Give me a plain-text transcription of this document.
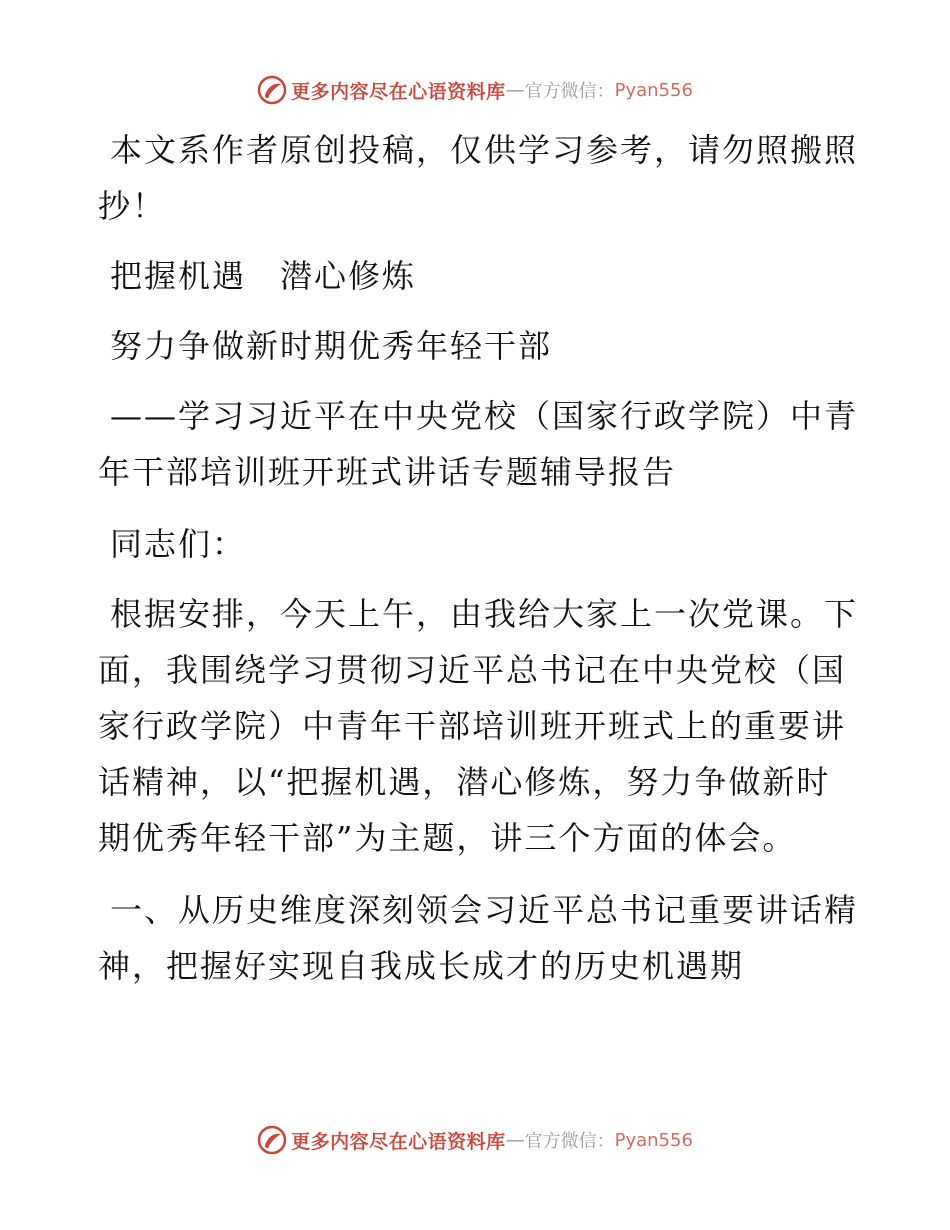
更多内容尽在心语资料库 — 官方微信： Pyan556

本文系作者原创投稿，仅供学习参考，请勿照搬照抄！

把握机遇　潜心修炼

努力争做新时期优秀年轻干部

——学习习近平在中央党校（国家行政学院）中青年干部培训班开班式讲话专题辅导报告

同志们：

根据安排，今天上午，由我给大家上一次党课。下面，我围绕学习贯彻习近平总书记在中央党校（国家行政学院）中青年干部培训班开班式上的重要讲话精神，以“把握机遇，潜心修炼，努力争做新时期优秀年轻干部”为主题，讲三个方面的体会。

一、从历史维度深刻领会习近平总书记重要讲话精神，把握好实现自我成长成才的历史机遇期

更多内容尽在心语资料库 — 官方微信： Pyan556
